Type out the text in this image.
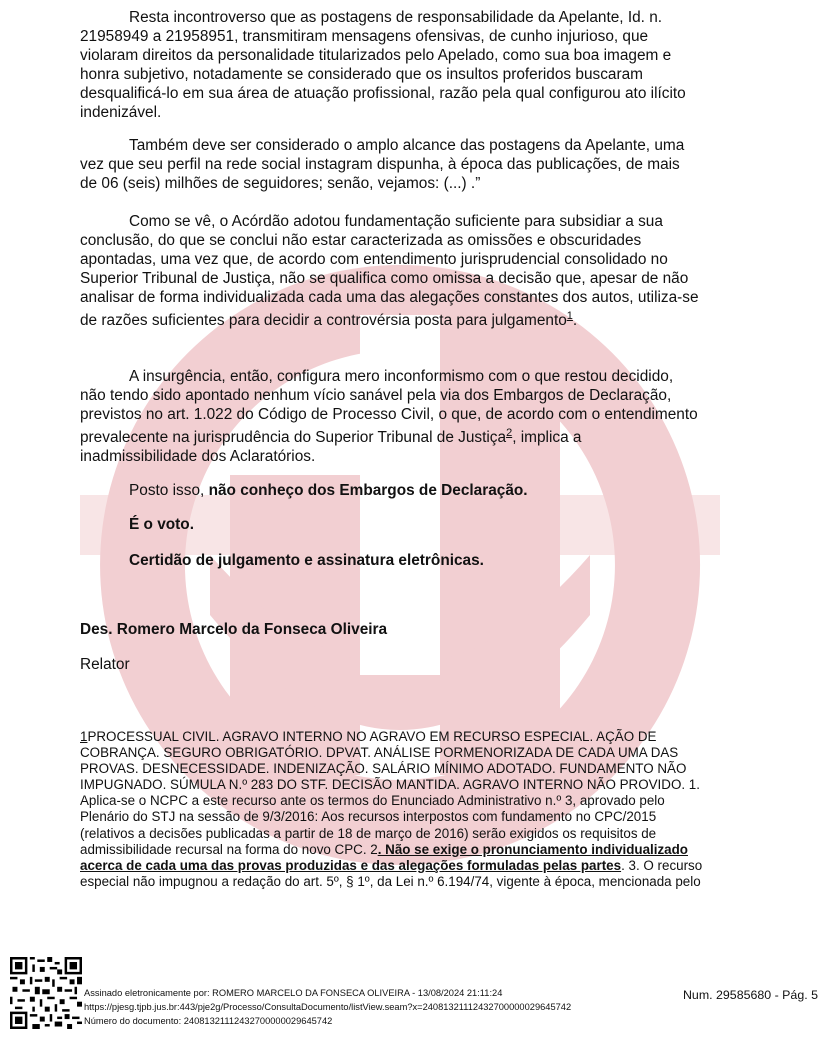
Resta incontroverso que as postagens de responsabilidade da Apelante, Id. n. 21958949 a 21958951, transmitiram mensagens ofensivas, de cunho injurioso, que violaram direitos da personalidade titularizados pelo Apelado, como sua boa imagem e honra subjetivo, notadamente se considerado que os insultos proferidos buscaram desqualificá-lo em sua área de atuação profissional, razão pela qual configurou ato ilícito indenizável.

Também deve ser considerado o amplo alcance das postagens da Apelante, uma vez que seu perfil na rede social instagram dispunha, à época das publicações, de mais de 06 (seis) milhões de seguidores; senão, vejamos: (...) .”

Como se vê, o Acórdão adotou fundamentação suficiente para subsidiar a sua conclusão, do que se conclui não estar caracterizada as omissões e obscuridades apontadas, uma vez que, de acordo com entendimento jurisprudencial consolidado no Superior Tribunal de Justiça, não se qualifica como omissa a decisão que, apesar de não analisar de forma individualizada cada uma das alegações constantes dos autos, utiliza-se de razões suficientes para decidir a controvérsia posta para julgamento$^1$.

A insurgência, então, configura mero inconformismo com o que restou decidido, não tendo sido apontado nenhum vício sanável pela via dos Embargos de Declaração, previstos no art. 1.022 do Código de Processo Civil, o que, de acordo com o entendimento prevalecente na jurisprudência do Superior Tribunal de Justiça$^2$, implica a inadmissibilidade dos Aclaratórios.

Posto isso, não conheço dos Embargos de Declaração.

É o voto.

Certidão de julgamento e assinatura eletrônicas.

Des. Romero Marcelo da Fonseca Oliveira

Relator

1PROCESSUAL CIVIL. AGRAVO INTERNO NO AGRAVO EM RECURSO ESPECIAL. AÇÃO DE COBRANÇA. SEGURO OBRIGATÓRIO. DPVAT. ANÁLISE PORMENORIZADA DE CADA UMA DAS PROVAS. DESNECESSIDADE. INDENIZAÇÃO. SALÁRIO MÍNIMO ADOTADO. FUNDAMENTO NÃO IMPUGNADO. SÚMULA N.º 283 DO STF. DECISÃO MANTIDA. AGRAVO INTERNO NÃO PROVIDO. 1. Aplica-se o NCPC a este recurso ante os termos do Enunciado Administrativo n.º 3, aprovado pelo Plenário do STJ na sessão de 9/3/2016: Aos recursos interpostos com fundamento no CPC/2015 (relativos a decisões publicadas a partir de 18 de março de 2016) serão exigidos os requisitos de admissibilidade recursal na forma do novo CPC. 2. Não se exige o pronunciamento individualizado acerca de cada uma das provas produzidas e das alegações formuladas pelas partes. 3. O recurso especial não impugnou a redação do art. 5º, § 1º, da Lei n.º 6.194/74, vigente à época, mencionada pelo

Assinado eletronicamente por: ROMERO MARCELO DA FONSECA OLIVEIRA - 13/08/2024 21:11:24
https://pjesg.tjpb.jus.br:443/pje2g/Processo/ConsultaDocumento/listView.seam?x=24081321112432700000029645742
Número do documento: 24081321112432700000029645742
Num. 29585680 - Pág. 5
